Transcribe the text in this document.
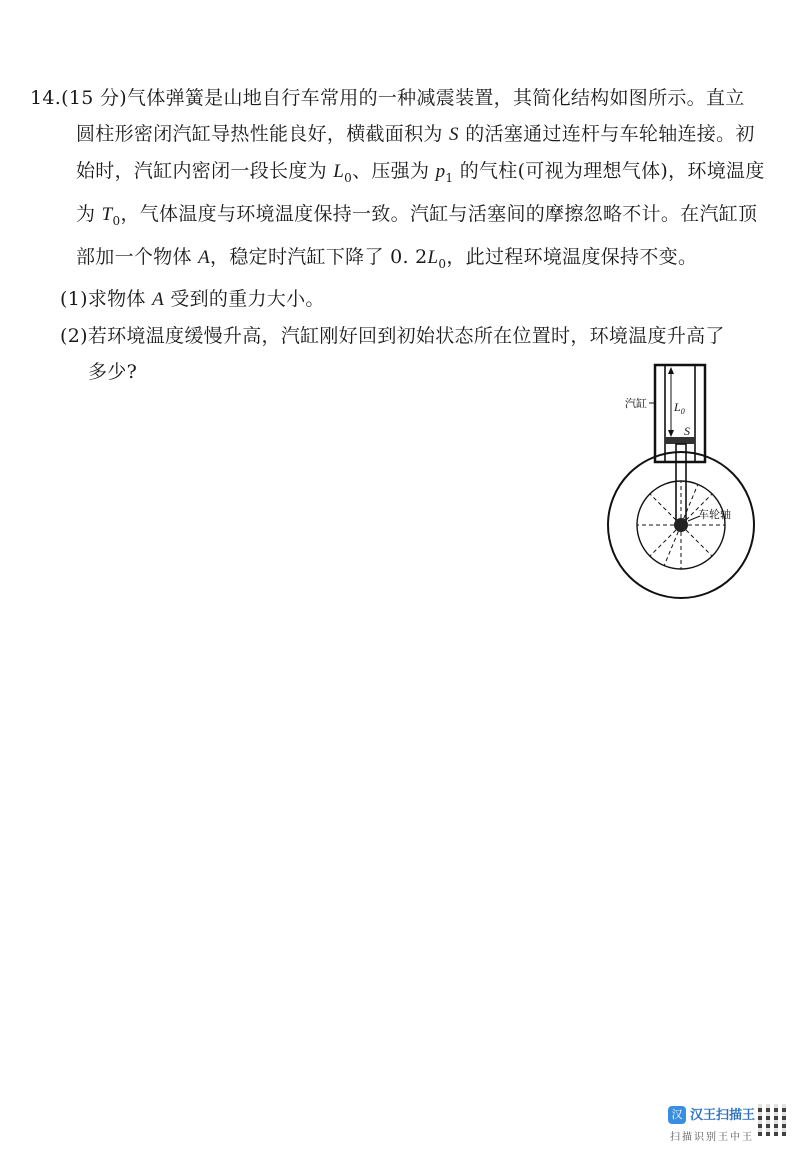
14.(15 分)气体弹簧是山地自行车常用的一种减震装置，其简化结构如图所示。直立
圆柱形密闭汽缸导热性能良好，横截面积为 S 的活塞通过连杆与车轮轴连接。初
始时，汽缸内密闭一段长度为 $L_0$、压强为 $p_1$ 的气柱(可视为理想气体)，环境温度
为 $T_0$，气体温度与环境温度保持一致。汽缸与活塞间的摩擦忽略不计。在汽缸顶
部加一个物体 A，稳定时汽缸下降了 0. $2L_0$，此过程环境温度保持不变。
(1)求物体 A 受到的重力大小。
(2)若环境温度缓慢升高，汽缸刚好回到初始状态所在位置时，环境温度升高了
多少?
汽缸 $L_0$
S
车轮轴
汉 汉王扫描王
扫描识别王中王
